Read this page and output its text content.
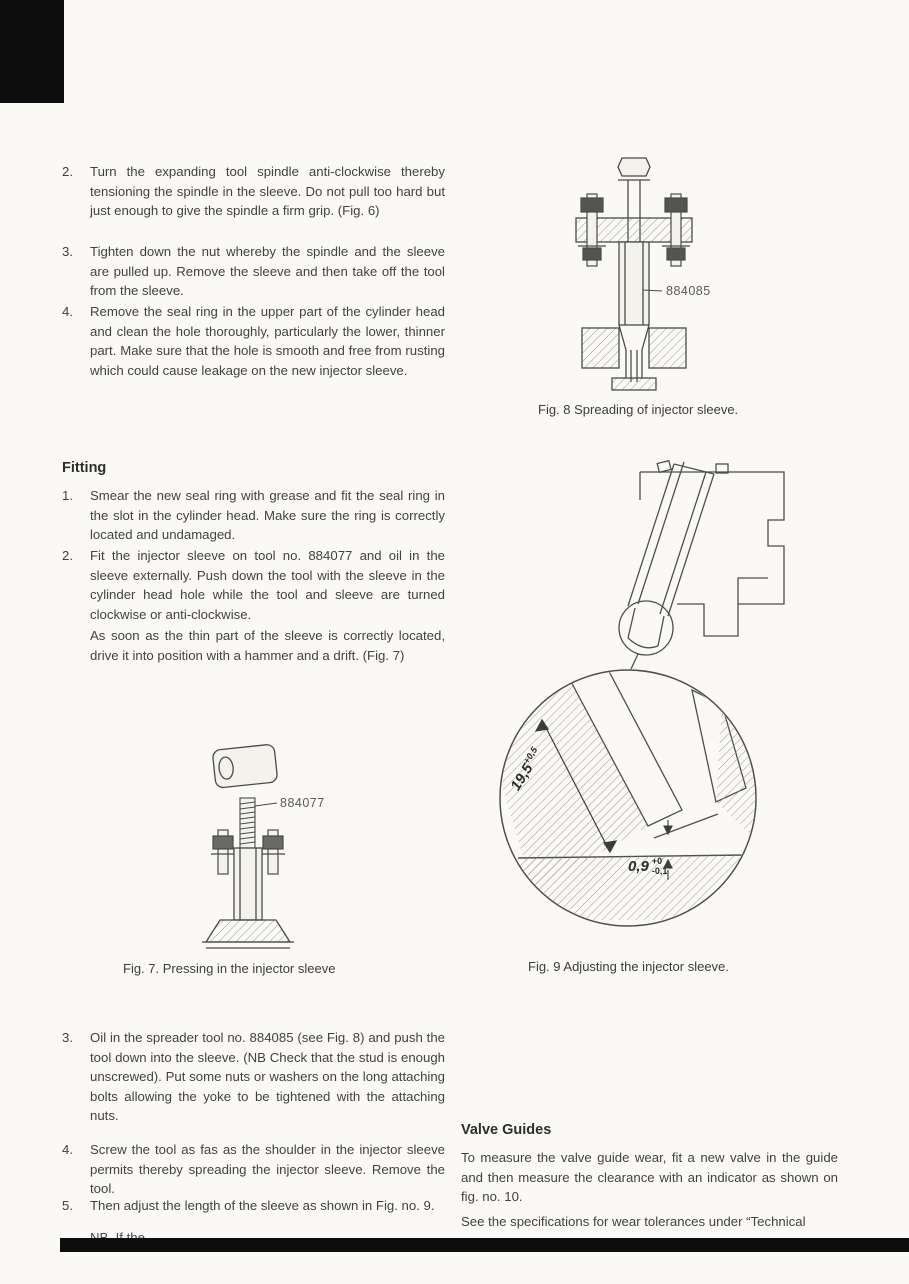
2.	Turn the expanding tool spindle anti-clockwise thereby tensioning the spindle in the sleeve. Do not pull too hard but just enough to give the spindle a firm grip. (Fig. 6)
3.	Tighten down the nut whereby the spindle and the sleeve are pulled up. Remove the sleeve and then take off the tool from the sleeve.
4.	Remove the seal ring in the upper part of the cylinder head and clean the hole thoroughly, particularly the lower, thinner part. Make sure that the hole is smooth and free from rusting which could cause leakage on the new injector sleeve.
Fitting
1.	Smear the new seal ring with grease and fit the seal ring in the slot in the cylinder head. Make sure the ring is correctly located and undamaged.
2.	Fit the injector sleeve on tool no. 884077 and oil in the sleeve externally. Push down the tool with the sleeve in the cylinder head hole while the tool and sleeve are turned clockwise or anti-clockwise.
As soon as the thin part of the sleeve is correctly located, drive it into position with a hammer and a drift. (Fig. 7)
884077
Fig. 7. Pressing in the injector sleeve
3.	Oil in the spreader tool no. 884085 (see Fig. 8) and push the tool down into the sleeve. (NB Check that the stud is enough unscrewed). Put some nuts or washers on the long attaching bolts allowing the yoke to be tightened with the attaching nuts.
4.	Screw the tool as fas as the shoulder in the injector sleeve permits thereby spreading the injector sleeve. Remove the tool.
5.	Then adjust the length of the sleeve as shown in Fig. no. 9.
884085
Fig. 8 Spreading of injector sleeve.
$19,5^{+0,5}$
0,9 +0
-0,1
Fig. 9 Adjusting the injector sleeve.
Valve Guides
To measure the valve guide wear, fit a new valve in the guide and then measure the clearance with an indicator as shown on fig. no. 10.
See the specifications for wear tolerances under “Technical
